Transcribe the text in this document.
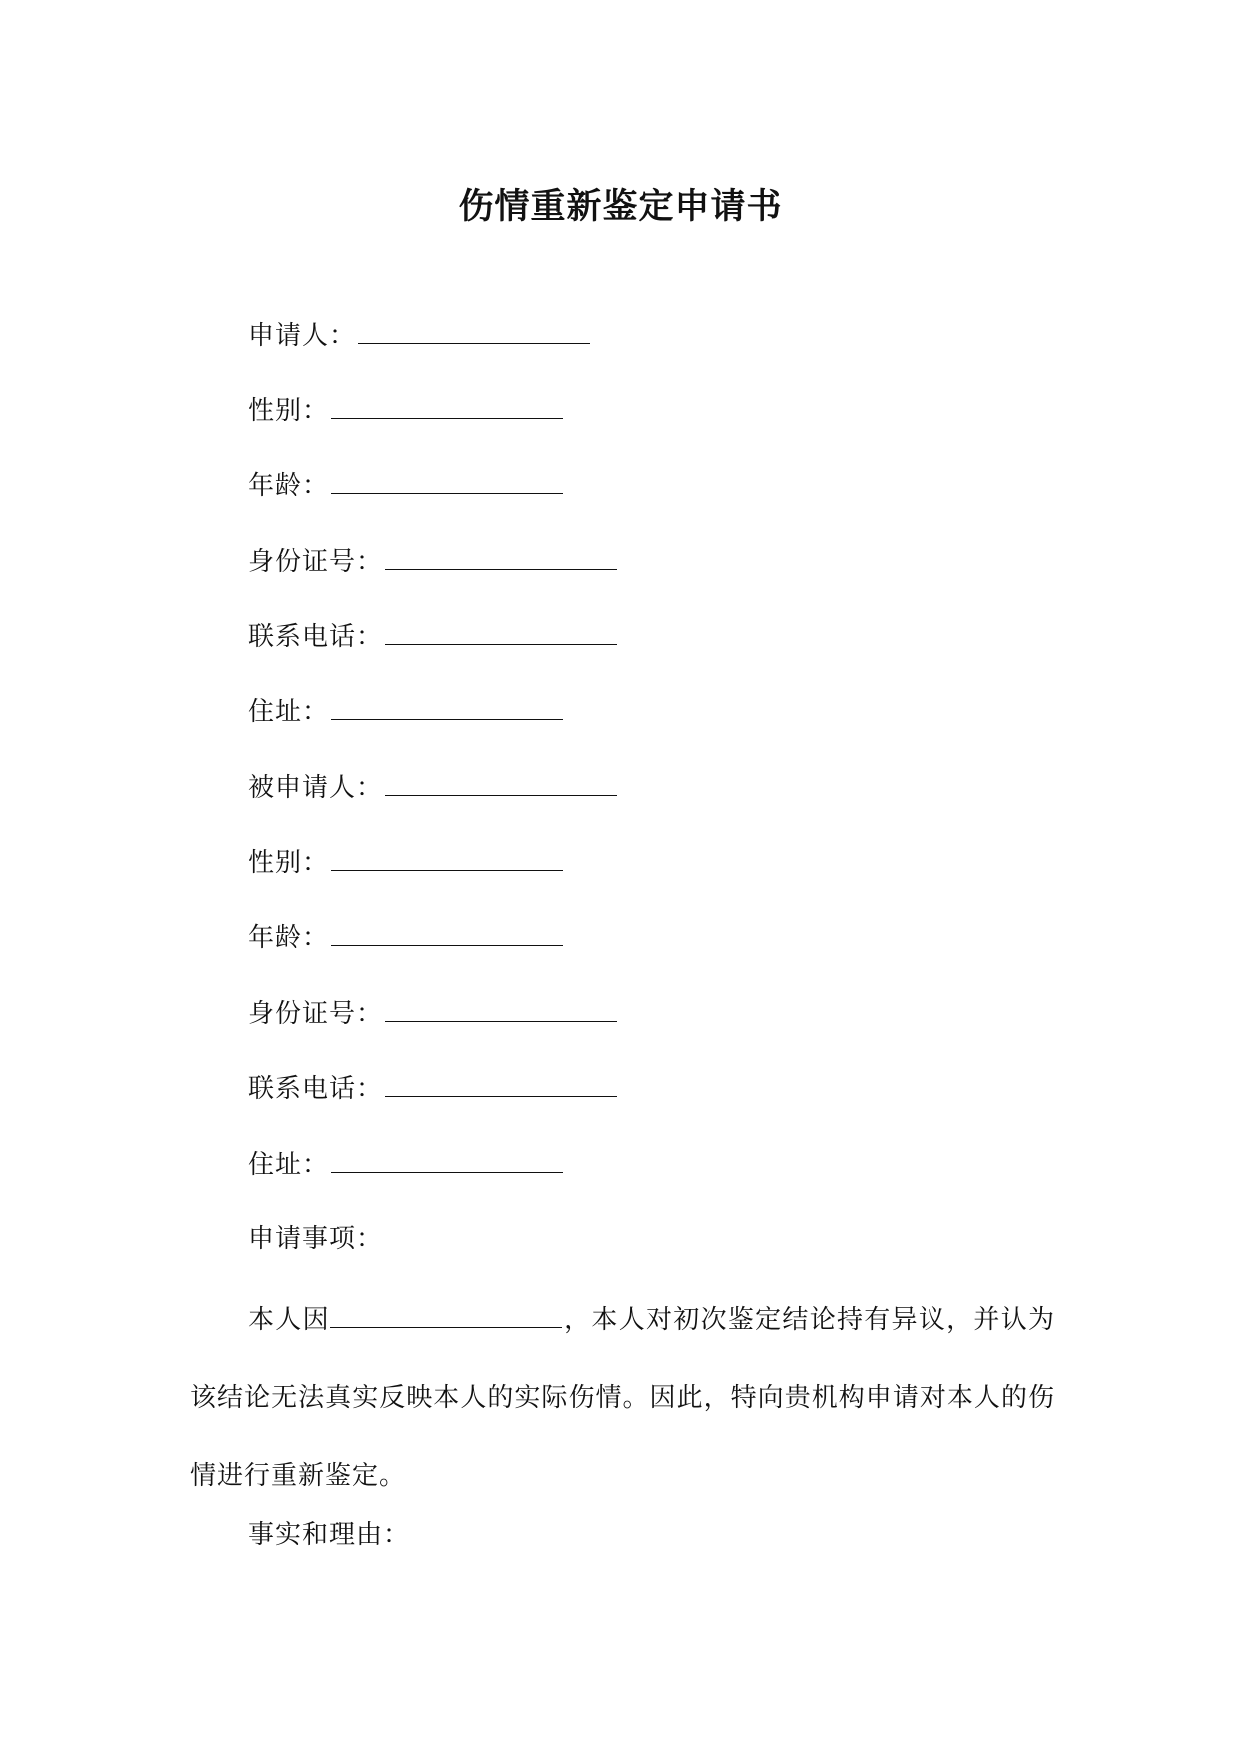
伤情重新鉴定申请书
申请人：
性别：
年龄：
身份证号：
联系电话：
住址：
被申请人：
性别：
年龄：
身份证号：
联系电话：
住址：
申请事项：
本人因	，本人对初次鉴定结论持有异议，并认为该结论无法真实反映本人的实际伤情。因此，特向贵机构申请对本人的伤情进行重新鉴定。
事实和理由：
